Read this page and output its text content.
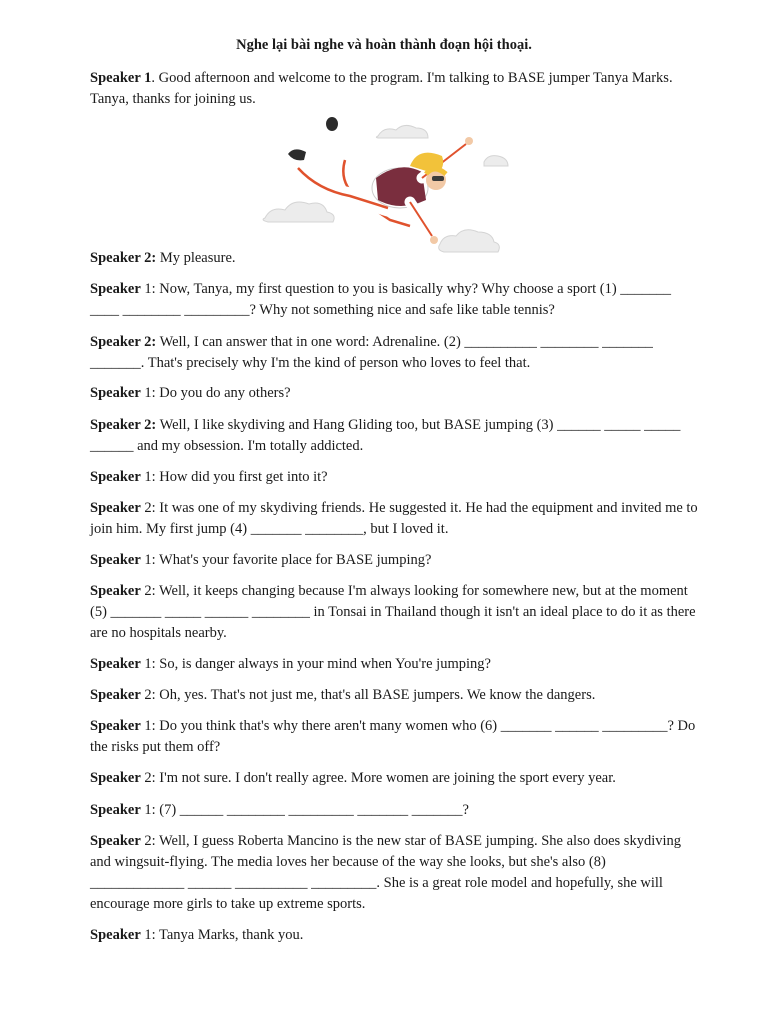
Nghe lại bài nghe và hoàn thành đoạn hội thoại.

Speaker 1. Good afternoon and welcome to the program. I'm talking to BASE jumper Tanya Marks. Tanya, thanks for joining us.

Speaker 2: My pleasure.

Speaker 1: Now, Tanya, my first question to you is basically why? Why choose a sport (1) _______ ____ ________ _________? Why not something nice and safe like table tennis?

Speaker 2: Well, I can answer that in one word: Adrenaline. (2) __________ ________ _______ _______. That's precisely why I'm the kind of person who loves to feel that.

Speaker 1: Do you do any others?

Speaker 2: Well, I like skydiving and Hang Gliding too, but BASE jumping (3) ______ _____ _____ ______ and my obsession. I'm totally addicted.

Speaker 1: How did you first get into it?

Speaker 2: It was one of my skydiving friends. He suggested it. He had the equipment and invited me to join him. My first jump (4) _______ ________, but I loved it.

Speaker 1: What's your favorite place for BASE jumping?

Speaker 2: Well, it keeps changing because I'm always looking for somewhere new, but at the moment (5) _______ _____ ______ ________ in Tonsai in Thailand though it isn't an ideal place to do it as there are no hospitals nearby.

Speaker 1: So, is danger always in your mind when You're jumping?

Speaker 2: Oh, yes. That's not just me, that's all BASE jumpers. We know the dangers.

Speaker 1: Do you think that's why there aren't many women who (6) _______ ______ _________? Do the risks put them off?

Speaker 2: I'm not sure. I don't really agree. More women are joining the sport every year.

Speaker 1: (7) ______ ________ _________ _______ _______?

Speaker 2: Well, I guess Roberta Mancino is the new star of BASE jumping. She also does skydiving and wingsuit-flying. The media loves her because of the way she looks, but she's also (8) _____________ ______ __________ _________. She is a great role model and hopefully, she will encourage more girls to take up extreme sports.

Speaker 1: Tanya Marks, thank you.
